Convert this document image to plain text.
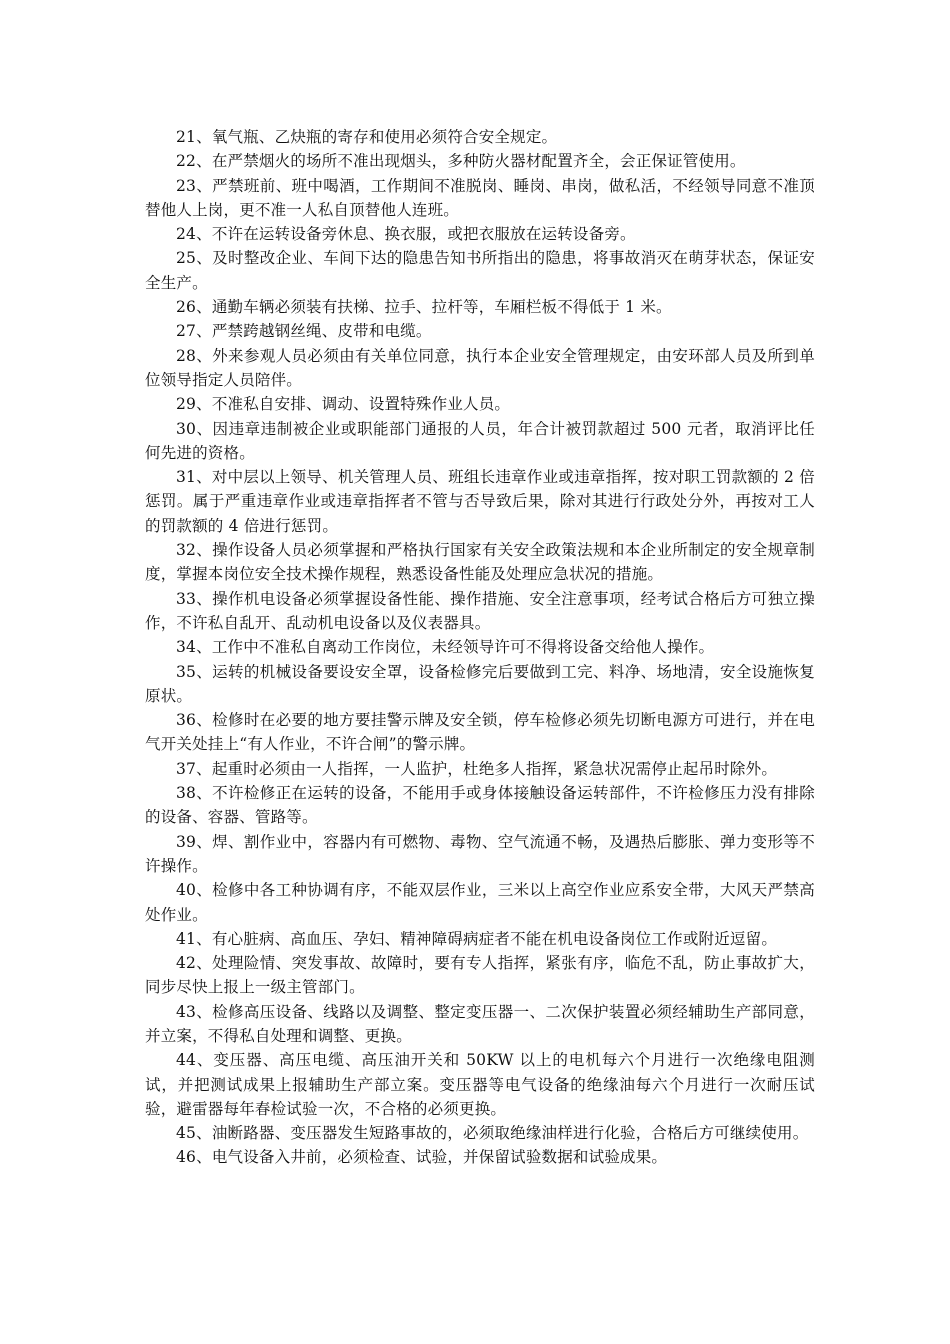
21、氧气瓶、乙炔瓶的寄存和使用必须符合安全规定。

22、在严禁烟火的场所不准出现烟头，多种防火器材配置齐全，会正保证管使用。

23、严禁班前、班中喝酒，工作期间不准脱岗、睡岗、串岗，做私活，不经领导同意不准顶替他人上岗，更不准一人私自顶替他人连班。

24、不许在运转设备旁休息、换衣服，或把衣服放在运转设备旁。

25、及时整改企业、车间下达的隐患告知书所指出的隐患，将事故消灭在萌芽状态，保证安全生产。

26、通勤车辆必须装有扶梯、拉手、拉杆等，车厢栏板不得低于 1 米。

27、严禁跨越钢丝绳、皮带和电缆。

28、外来参观人员必须由有关单位同意，执行本企业安全管理规定，由安环部人员及所到单位领导指定人员陪伴。

29、不准私自安排、调动、设置特殊作业人员。

30、因违章违制被企业或职能部门通报的人员，年合计被罚款超过 500 元者，取消评比任何先进的资格。

31、对中层以上领导、机关管理人员、班组长违章作业或违章指挥，按对职工罚款额的 2 倍惩罚。属于严重违章作业或违章指挥者不管与否导致后果，除对其进行行政处分外，再按对工人的罚款额的 4 倍进行惩罚。

32、操作设备人员必须掌握和严格执行国家有关安全政策法规和本企业所制定的安全规章制度，掌握本岗位安全技术操作规程，熟悉设备性能及处理应急状况的措施。

33、操作机电设备必须掌握设备性能、操作措施、安全注意事项，经考试合格后方可独立操作，不许私自乱开、乱动机电设备以及仪表器具。

34、工作中不准私自离动工作岗位，未经领导许可不得将设备交给他人操作。

35、运转的机械设备要设安全罩，设备检修完后要做到工完、料净、场地清，安全设施恢复原状。

36、检修时在必要的地方要挂警示牌及安全锁，停车检修必须先切断电源方可进行，并在电气开关处挂上“有人作业，不许合闸”的警示牌。

37、起重时必须由一人指挥，一人监护，杜绝多人指挥，紧急状况需停止起吊时除外。

38、不许检修正在运转的设备，不能用手或身体接触设备运转部件，不许检修压力没有排除的设备、容器、管路等。

39、焊、割作业中，容器内有可燃物、毒物、空气流通不畅，及遇热后膨胀、弹力变形等不许操作。

40、检修中各工种协调有序，不能双层作业，三米以上高空作业应系安全带，大风天严禁高处作业。

41、有心脏病、高血压、孕妇、精神障碍病症者不能在机电设备岗位工作或附近逗留。

42、处理险情、突发事故、故障时，要有专人指挥，紧张有序，临危不乱，防止事故扩大，同步尽快上报上一级主管部门。

43、检修高压设备、线路以及调整、整定变压器一、二次保护装置必须经辅助生产部同意，并立案，不得私自处理和调整、更换。

44、变压器、高压电缆、高压油开关和 50KW 以上的电机每六个月进行一次绝缘电阻测试，并把测试成果上报辅助生产部立案。变压器等电气设备的绝缘油每六个月进行一次耐压试验，避雷器每年春检试验一次，不合格的必须更换。

45、油断路器、变压器发生短路事故的，必须取绝缘油样进行化验，合格后方可继续使用。

46、电气设备入井前，必须检查、试验，并保留试验数据和试验成果。
